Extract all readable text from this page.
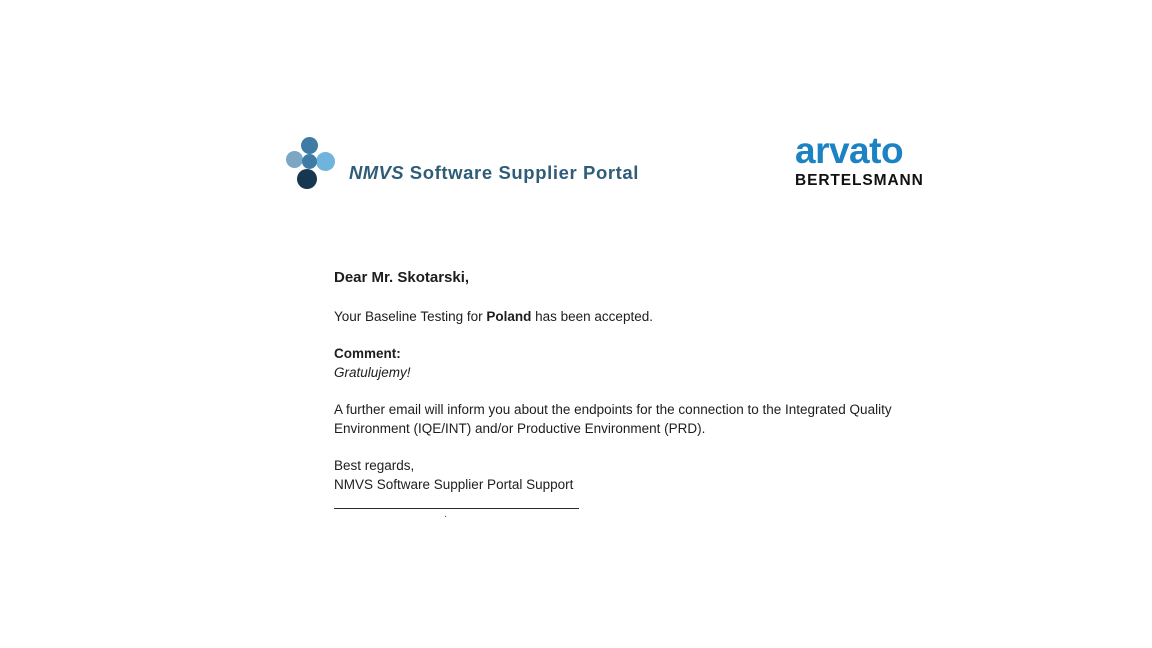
NMVS Software Supplier Portal
arvato
BERTELSMANN

Dear Mr. Skotarski,

Your Baseline Testing for Poland has been accepted.

Comment:
Gratulujemy!

A further email will inform you about the endpoints for the connection to the Integrated Quality Environment (IQE/INT) and/or Productive Environment (PRD).

Best regards,

NMVS Software Supplier Portal Support

.
